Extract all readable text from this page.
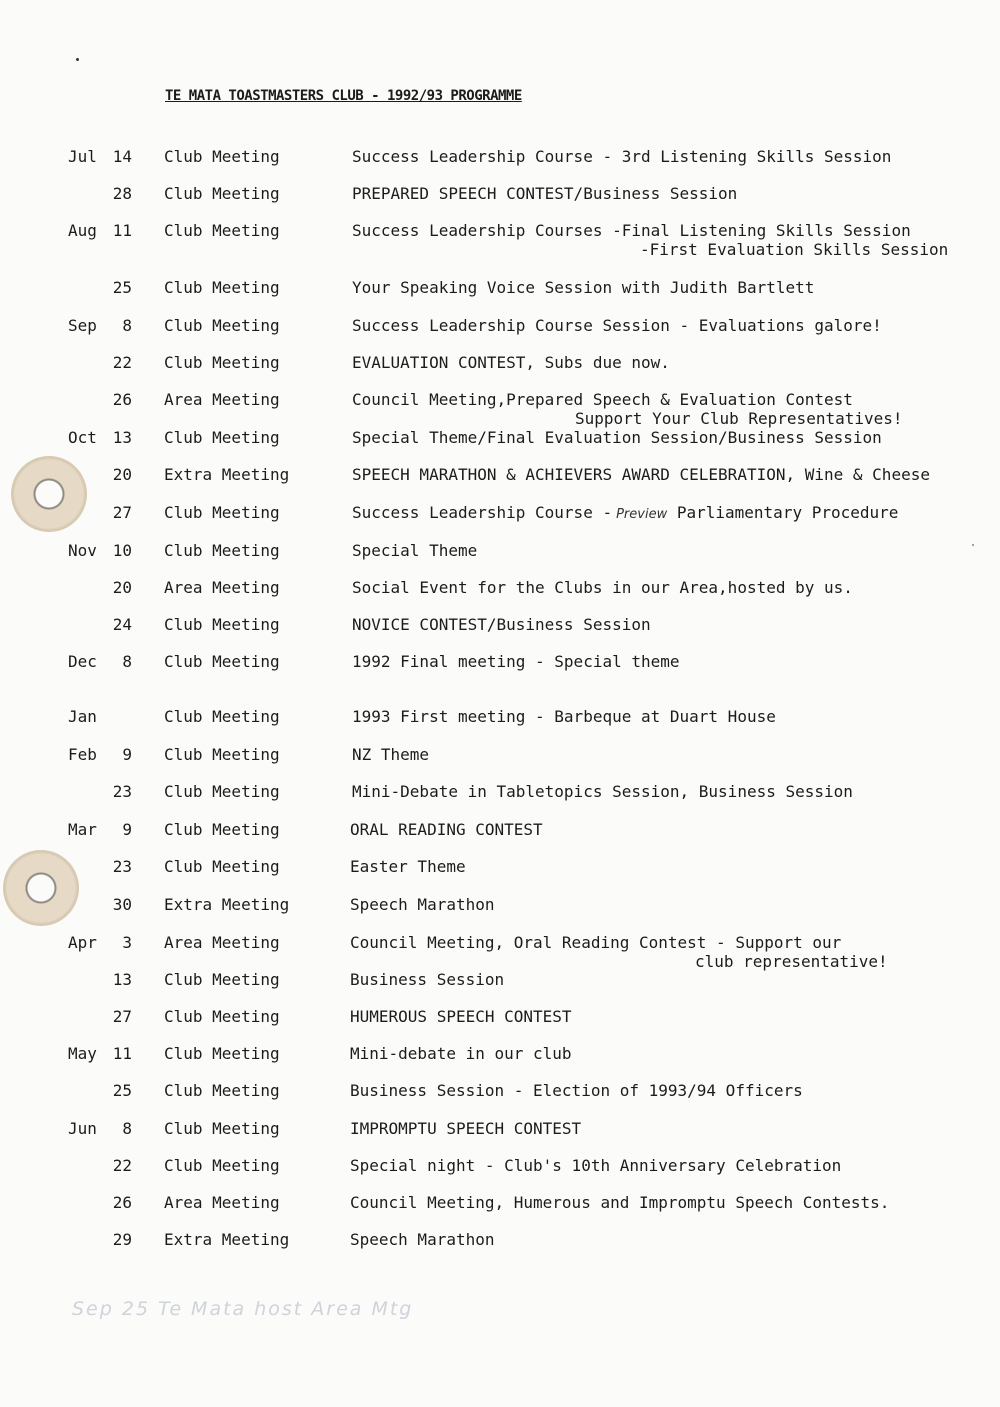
TE MATA TOASTMASTERS CLUB - 1992/93 PROGRAMME
Jul 14 Club Meeting	Success Leadership Course - 3rd Listening Skills Session
28 Club Meeting	PREPARED SPEECH CONTEST/Business Session
Aug 11 Club Meeting	Success Leadership Courses -Final Listening Skills Session
-First Evaluation Skills Session
25 Club Meeting	Your Speaking Voice Session with Judith Bartlett
Sep	8 Club Meeting	Success Leadership Course Session - Evaluations galore!
22 Club Meeting	EVALUATION CONTEST, Subs due now.
26 Area Meeting	Council Meeting,Prepared Speech & Evaluation Contest
Support Your Club Representatives!
Oct 13 Club Meeting	Special Theme/Final Evaluation Session/Business Session
20 Extra Meeting	SPEECH MARATHON & ACHIEVERS AWARD CELEBRATION, Wine & Cheese
27 Club Meeting	Success Leadership Course - Preview Parliamentary Procedure
Nov 10 Club Meeting	Special Theme
20 Area Meeting	Social Event for the Clubs in our Area,hosted by us.
24 Club Meeting	NOVICE CONTEST/Business Session
Dec	8 Club Meeting	1992 Final meeting - Special theme
Jan	Club Meeting	1993 First meeting - Barbeque at Duart House
Feb	9 Club Meeting	NZ Theme
23 Club Meeting	Mini-Debate in Tabletopics Session, Business Session
Mar	9 Club Meeting	ORAL READING CONTEST
23 Club Meeting	Easter Theme
30 Extra Meeting	Speech Marathon
Apr	3 Area Meeting	Council Meeting, Oral Reading Contest - Support our
club representative!
13 Club Meeting	Business Session
27 Club Meeting	HUMEROUS SPEECH CONTEST
May 11 Club Meeting	Mini-debate in our club
25 Club Meeting	Business Session - Election of 1993/94 Officers
Jun	8 Club Meeting	IMPROMPTU SPEECH CONTEST
22 Club Meeting	Special night - Club's 10th Anniversary Celebration
26 Area Meeting	Council Meeting, Humerous and Impromptu Speech Contests.
29 Extra Meeting	Speech Marathon
Sep 25 Te Mata host Area Mtg
